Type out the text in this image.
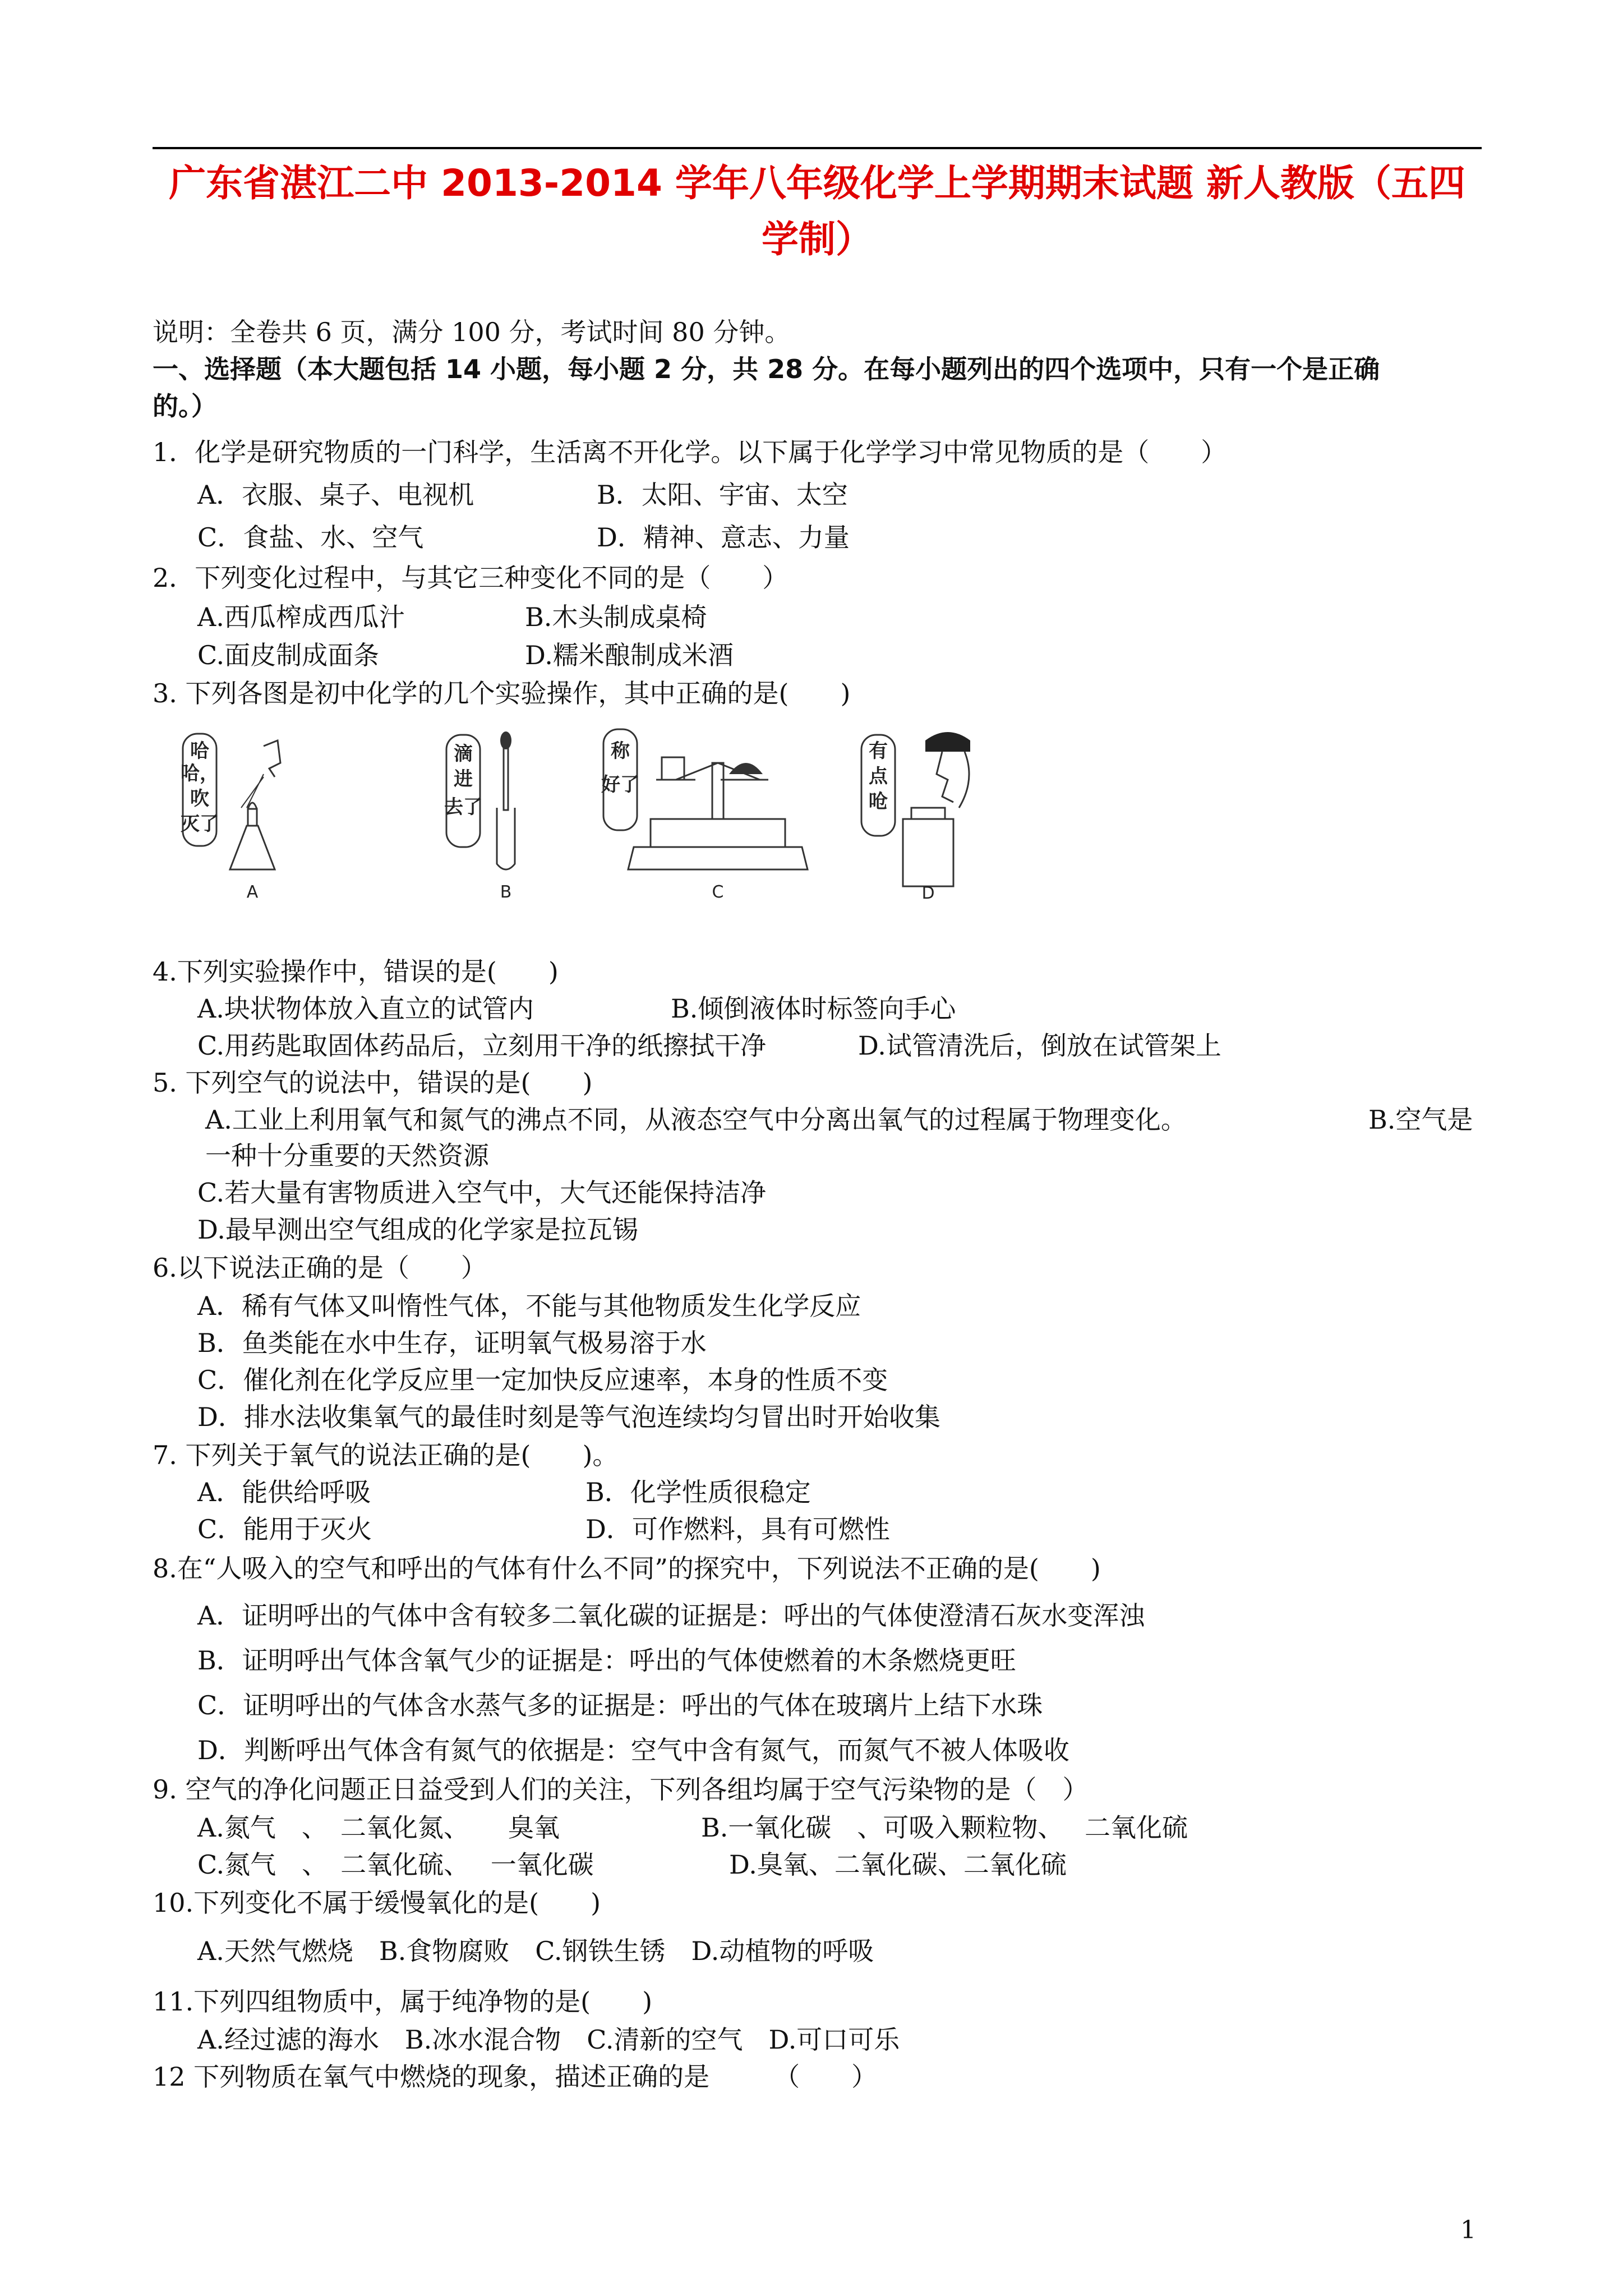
广东省湛江二中 2013-2014 学年八年级化学上学期期末试题 新人教版（五四
学制）
说明：全卷共 6 页，满分 100 分，考试时间 80 分钟。
一、选择题（本大题包括 14 小题，每小题 2 分，共 28 分。在每小题列出的四个选项中，只有一个是正确
的。）
1．化学是研究物质的一门科学，生活离不开化学。以下属于化学学习中常见物质的是（　　）
A．衣服、桌子、电视机	B．太阳、宇宙、太空
C．食盐、水、空气	D．精神、意志、力量
2．下列变化过程中，与其它三种变化不同的是（　　）
A.西瓜榨成西瓜汁	B.木头制成桌椅
C.面皮制成面条	D.糯米酿制成米酒
3. 下列各图是初中化学的几个实验操作，其中正确的是(　　)
哈
哈，
吹
灭了
A
滴
进
去了
B
称
好了
C
有
点
呛
D
4.下列实验操作中，错误的是(　　)
A.块状物体放入直立的试管内	B.倾倒液体时标签向手心
C.用药匙取固体药品后，立刻用干净的纸擦拭干净	D.试管清洗后，倒放在试管架上
5. 下列空气的说法中，错误的是(　　)
A.工业上利用氧气和氮气的沸点不同，从液态空气中分离出氧气的过程属于物理变化。	B.空气是
一种十分重要的天然资源
C.若大量有害物质进入空气中，大气还能保持洁净
D.最早测出空气组成的化学家是拉瓦锡
6.以下说法正确的是（　　）
A．稀有气体又叫惰性气体，不能与其他物质发生化学反应
B．鱼类能在水中生存，证明氧气极易溶于水
C．催化剂在化学反应里一定加快反应速率，本身的性质不变
D．排水法收集氧气的最佳时刻是等气泡连续均匀冒出时开始收集
7. 下列关于氧气的说法正确的是(　　)。
A．能供给呼吸	B．化学性质很稳定
C．能用于灭火	D．可作燃料，具有可燃性
8.在“人吸入的空气和呼出的气体有什么不同”的探究中，下列说法不正确的是(　　)
A．证明呼出的气体中含有较多二氧化碳的证据是：呼出的气体使澄清石灰水变浑浊
B．证明呼出气体含氧气少的证据是：呼出的气体使燃着的木条燃烧更旺
C．证明呼出的气体含水蒸气多的证据是：呼出的气体在玻璃片上结下水珠
D．判断呼出气体含有氮气的依据是：空气中含有氮气，而氮气不被人体吸收
9. 空气的净化问题正日益受到人们的关注，下列各组均属于空气污染物的是（　）
A.氮气　、　二氧化氮、　　臭氧	B.一氧化碳　、可吸入颗粒物、　 二氧化硫
C.氮气　、　二氧化硫、　 一氧化碳	D.臭氧、二氧化碳、二氧化硫
10.下列变化不属于缓慢氧化的是(　　)
A.天然气燃烧　B.食物腐败　C.钢铁生锈　D.动植物的呼吸
11.下列四组物质中，属于纯净物的是(　　)
A.经过滤的海水　B.冰水混合物　C.清新的空气　D.可口可乐
12 下列物质在氧气中燃烧的现象，描述正确的是　　　（　　）
1
